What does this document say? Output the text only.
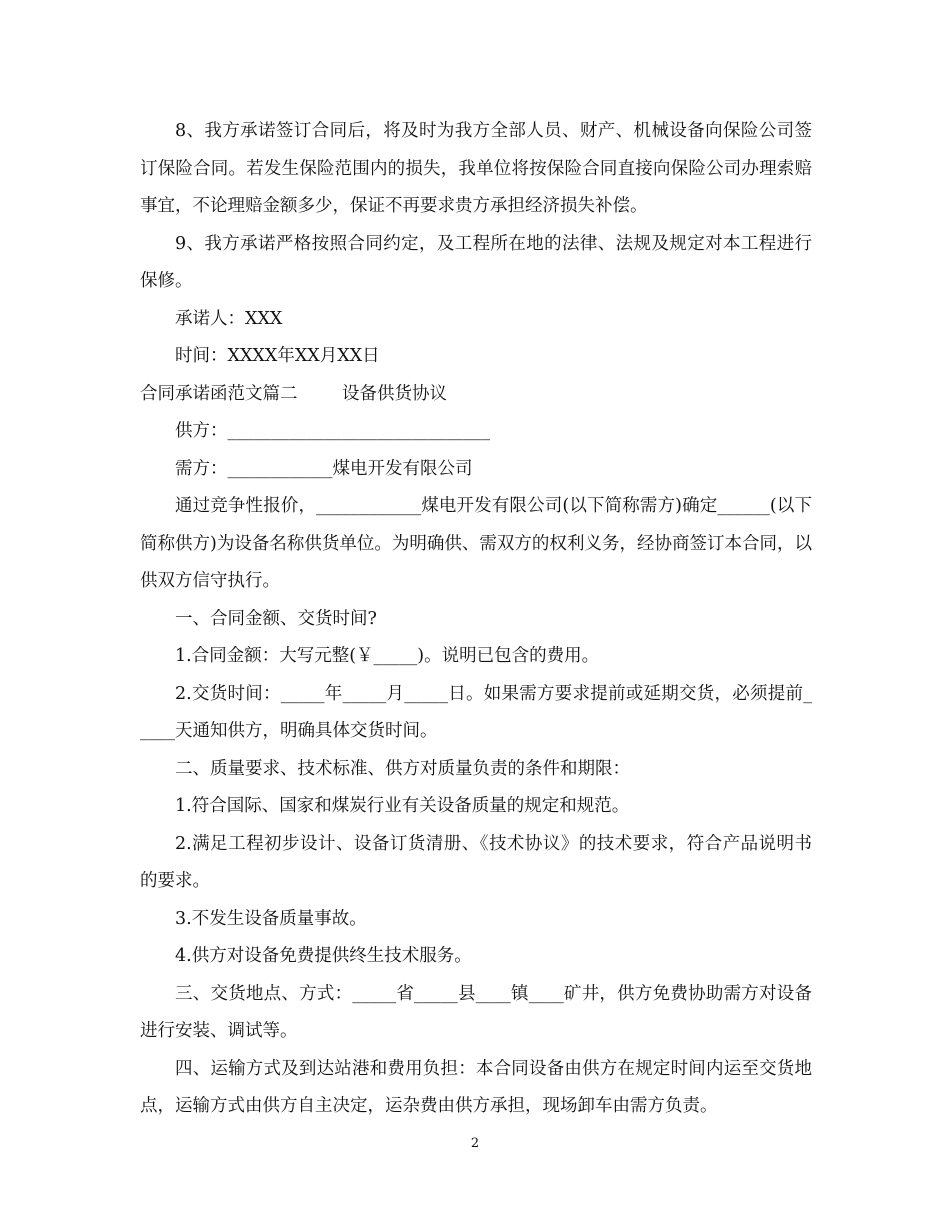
8、我方承诺签订合同后，将及时为我方全部人员、财产、机械设备向保险公司签订保险合同。若发生保险范围内的损失，我单位将按保险合同直接向保险公司办理索赔事宜，不论理赔金额多少，保证不再要求贵方承担经济损失补偿。

9、我方承诺严格按照合同约定，及工程所在地的法律、法规及规定对本工程进行保修。

承诺人：XXX

时间：XXXX年XX月XX日

合同承诺函范文篇二        设备供货协议

供方：______________________________

需方：____________煤电开发有限公司

通过竞争性报价，____________煤电开发有限公司(以下简称需方)确定______(以下简称供方)为设备名称供货单位。为明确供、需双方的权利义务，经协商签订本合同，以供双方信守执行。

一、合同金额、交货时间?

1.合同金额：大写元整(￥_____)。说明已包含的费用。

2.交货时间：_____年_____月_____日。如果需方要求提前或延期交货，必须提前_____天通知供方，明确具体交货时间。

二、质量要求、技术标准、供方对质量负责的条件和期限：

1.符合国际、国家和煤炭行业有关设备质量的规定和规范。

2.满足工程初步设计、设备订货清册、《技术协议》的技术要求，符合产品说明书的要求。

3.不发生设备质量事故。

4.供方对设备免费提供终生技术服务。

三、交货地点、方式：_____省_____县____镇____矿井，供方免费协助需方对设备进行安装、调试等。

四、运输方式及到达站港和费用负担：本合同设备由供方在规定时间内运至交货地点，运输方式由供方自主决定，运杂费由供方承担，现场卸车由需方负责。

2
